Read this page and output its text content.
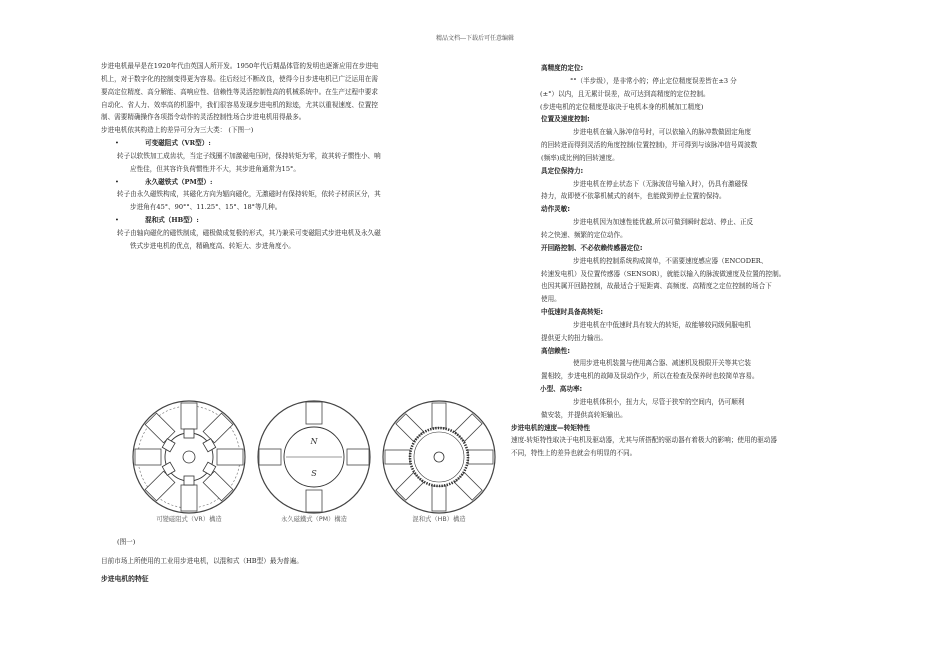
精品文档---下载后可任意编辑

步进电机最早是在1920年代由英国人所开发。1950年代后期晶体管的发明也逐渐应用在步进电

机上，对于数字化的控制变得更为容易。往后经过不断改良，使得今日步进电机已广泛运用在需

要高定位精度、高分解能、高响应性、信赖性等灵活控制性高的机械系统中。在生产过程中要求

自动化、省人力、效率高的机器中，我们很容易发现步进电机的踪迹，尤其以重视速度、位置控

制、需要精确操作各项指令动作的灵活控制性场合步进电机用得最多。

步进电机依其构造上的差异可分为三大类： (下图一)

•	可变磁阻式（VR型）:

转子以软铁加工成齿状，当定子线圈不加激磁电压时，保持转矩为零，故其转子惯性小、响

应性佳，但其容许负荷惯性并不大，其步进角通常为15°。

•	永久磁铁式（PM型）:

转子由永久磁铁构成，其磁化方向为辐向磁化，无激磁时有保持转矩，依转子材质区分，其

步进角有45°、90°°、11.25°、15°、18°等几种。

•	混和式（HB型）:

转子由轴向磁化的磁铁制成，磁极做成复极的形式，其乃兼采可变磁阻式步进电机及永久磁

铁式步进电机的优点，精确度高、转矩大、步进角度小。

N
S
可變磁阻式（VR）構造	永久磁鐵式（PM）構造	混和式（HB）構造
(图一)
目前市场上所使用的工业用步进电机，以混和式（HB型）最为普遍。
步进电机的特征

高精度的定位:

°°（半步级），是非常小的；停止定位精度误差皆在±3 分

(±°）以内，且无累计误差，故可达到高精度的定位控制。

(步进电机的定位精度是取决于电机本身的机械加工精度)

位置及速度控制:

步进电机在输入脉冲信号时，可以依输入的脉冲数做固定角度

的回转进而得到灵活的角度控制(位置控制)，并可得到与该脉冲信号周波数

(频率)成比例的回转速度。

具定位保持力:

步进电机在停止状态下（无脉波信号输入时），仍具有激磁保

持力，故即使不依靠机械式的刹车，也能做到停止位置的保持。

动作灵敏:

步进电机因为加速性能优越,所以可做到瞬时起动、停止、正反

转之快速、频繁的定位动作。

开回路控制、不必依赖传感器定位:

步进电机的控制系统构成简单，不需要速度感应器（ENCODER、

转速发电机）及位置传感器（SENSOR），就能以输入的脉波做速度及位置的控制。

也因其属开回路控制，故最适合于短距离、高频度、高精度之定位控制的场合下

使用。

中低速时具备高转矩:

步进电机在中低速时具有较大的转矩，故能够较同级伺服电机

提供更大的扭力输出。

高信赖性:

使用步进电机装置与使用离合器、减速机及极限开关等其它装

置相较，步进电机的故障及误动作少，所以在检查及保养时也较简单容易。

小型、高功率:

步进电机体积小，扭力大，尽管于狭窄的空间内，仍可顺利

做安装，并提供高转矩输出。

步进电机的速度—转矩特性

速度-转矩特性取决于电机及驱动器，尤其与所搭配的驱动器有着极大的影响；使用的驱动器

不同，特性上的差异也就会有明显的不同。
